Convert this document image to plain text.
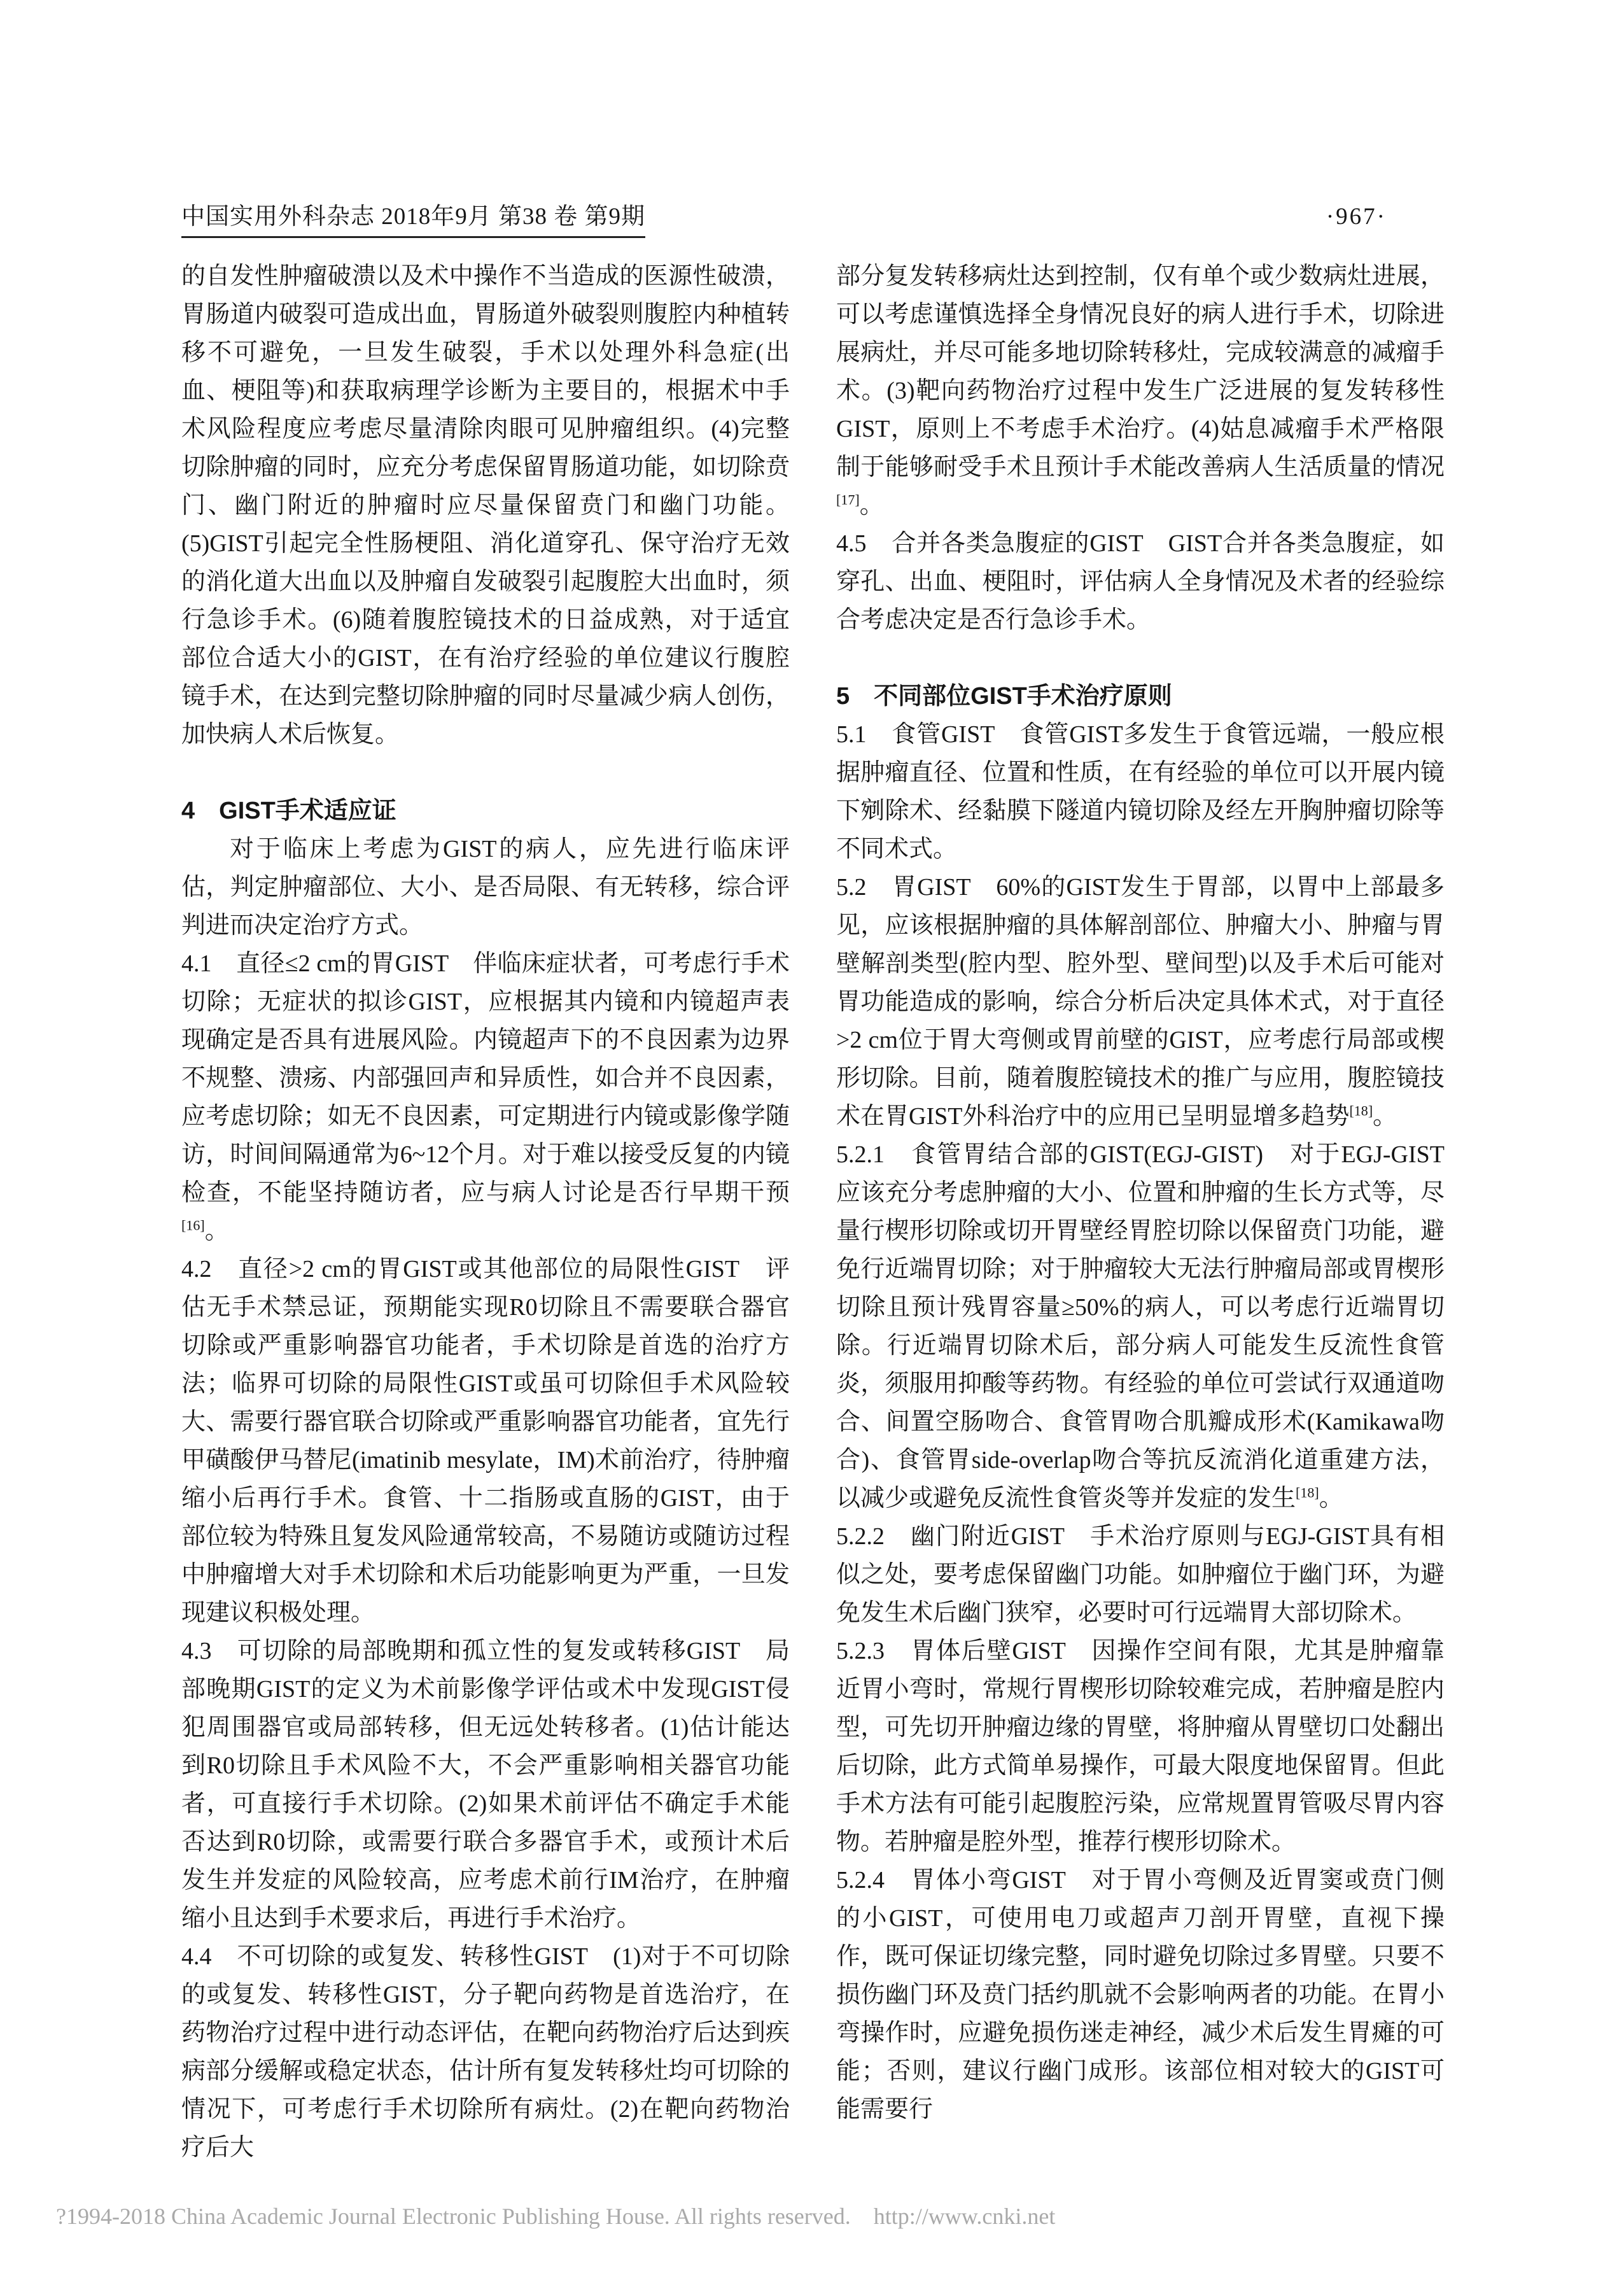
中国实用外科杂志 2018年9月 第38 卷 第9期	·967·

的自发性肿瘤破溃以及术中操作不当造成的医源性破溃，胃肠道内破裂可造成出血，胃肠道外破裂则腹腔内种植转移不可避免，一旦发生破裂，手术以处理外科急症(出血、梗阻等)和获取病理学诊断为主要目的，根据术中手术风险程度应考虑尽量清除肉眼可见肿瘤组织。(4)完整切除肿瘤的同时，应充分考虑保留胃肠道功能，如切除贲门、幽门附近的肿瘤时应尽量保留贲门和幽门功能。(5)GIST引起完全性肠梗阻、消化道穿孔、保守治疗无效的消化道大出血以及肿瘤自发破裂引起腹腔大出血时，须行急诊手术。(6)随着腹腔镜技术的日益成熟，对于适宜部位合适大小的GIST，在有治疗经验的单位建议行腹腔镜手术，在达到完整切除肿瘤的同时尽量减少病人创伤，加快病人术后恢复。

4　GIST手术适应证

对于临床上考虑为GIST的病人，应先进行临床评估，判定肿瘤部位、大小、是否局限、有无转移，综合评判进而决定治疗方式。

4.1　直径≤2 cm的胃GIST　伴临床症状者，可考虑行手术切除；无症状的拟诊GIST，应根据其内镜和内镜超声表现确定是否具有进展风险。内镜超声下的不良因素为边界不规整、溃疡、内部强回声和异质性，如合并不良因素，应考虑切除；如无不良因素，可定期进行内镜或影像学随访，时间间隔通常为6~12个月。对于难以接受反复的内镜检查，不能坚持随访者，应与病人讨论是否行早期干预[16]。

4.2　直径>2 cm的胃GIST或其他部位的局限性GIST　评估无手术禁忌证，预期能实现R0切除且不需要联合器官切除或严重影响器官功能者，手术切除是首选的治疗方法；临界可切除的局限性GIST或虽可切除但手术风险较大、需要行器官联合切除或严重影响器官功能者，宜先行甲磺酸伊马替尼(imatinib mesylate，IM)术前治疗，待肿瘤缩小后再行手术。食管、十二指肠或直肠的GIST，由于部位较为特殊且复发风险通常较高，不易随访或随访过程中肿瘤增大对手术切除和术后功能影响更为严重，一旦发现建议积极处理。

4.3　可切除的局部晚期和孤立性的复发或转移GIST　局部晚期GIST的定义为术前影像学评估或术中发现GIST侵犯周围器官或局部转移，但无远处转移者。(1)估计能达到R0切除且手术风险不大，不会严重影响相关器官功能者，可直接行手术切除。(2)如果术前评估不确定手术能否达到R0切除，或需要行联合多器官手术，或预计术后发生并发症的风险较高，应考虑术前行IM治疗，在肿瘤缩小且达到手术要求后，再进行手术治疗。

4.4　不可切除的或复发、转移性GIST　(1)对于不可切除的或复发、转移性GIST，分子靶向药物是首选治疗，在药物治疗过程中进行动态评估，在靶向药物治疗后达到疾病部分缓解或稳定状态，估计所有复发转移灶均可切除的情况下，可考虑行手术切除所有病灶。(2)在靶向药物治疗后大

部分复发转移病灶达到控制，仅有单个或少数病灶进展，可以考虑谨慎选择全身情况良好的病人进行手术，切除进展病灶，并尽可能多地切除转移灶，完成较满意的减瘤手术。(3)靶向药物治疗过程中发生广泛进展的复发转移性GIST，原则上不考虑手术治疗。(4)姑息减瘤手术严格限制于能够耐受手术且预计手术能改善病人生活质量的情况[17]。

4.5　合并各类急腹症的GIST　GIST合并各类急腹症，如穿孔、出血、梗阻时，评估病人全身情况及术者的经验综合考虑决定是否行急诊手术。

5　不同部位GIST手术治疗原则

5.1　食管GIST　食管GIST多发生于食管远端，一般应根据肿瘤直径、位置和性质，在有经验的单位可以开展内镜下剜除术、经黏膜下隧道内镜切除及经左开胸肿瘤切除等不同术式。

5.2　胃GIST　60%的GIST发生于胃部，以胃中上部最多见，应该根据肿瘤的具体解剖部位、肿瘤大小、肿瘤与胃壁解剖类型(腔内型、腔外型、壁间型)以及手术后可能对胃功能造成的影响，综合分析后决定具体术式，对于直径>2 cm位于胃大弯侧或胃前壁的GIST，应考虑行局部或楔形切除。目前，随着腹腔镜技术的推广与应用，腹腔镜技术在胃GIST外科治疗中的应用已呈明显增多趋势[18]。

5.2.1　食管胃结合部的GIST(EGJ-GIST)　对于EGJ-GIST应该充分考虑肿瘤的大小、位置和肿瘤的生长方式等，尽量行楔形切除或切开胃壁经胃腔切除以保留贲门功能，避免行近端胃切除；对于肿瘤较大无法行肿瘤局部或胃楔形切除且预计残胃容量≥50%的病人，可以考虑行近端胃切除。行近端胃切除术后，部分病人可能发生反流性食管炎，须服用抑酸等药物。有经验的单位可尝试行双通道吻合、间置空肠吻合、食管胃吻合肌瓣成形术(Kamikawa吻合)、食管胃side-overlap吻合等抗反流消化道重建方法，以减少或避免反流性食管炎等并发症的发生[18]。

5.2.2　幽门附近GIST　手术治疗原则与EGJ-GIST具有相似之处，要考虑保留幽门功能。如肿瘤位于幽门环，为避免发生术后幽门狭窄，必要时可行远端胃大部切除术。

5.2.3　胃体后壁GIST　因操作空间有限，尤其是肿瘤靠近胃小弯时，常规行胃楔形切除较难完成，若肿瘤是腔内型，可先切开肿瘤边缘的胃壁，将肿瘤从胃壁切口处翻出后切除，此方式简单易操作，可最大限度地保留胃。但此手术方法有可能引起腹腔污染，应常规置胃管吸尽胃内容物。若肿瘤是腔外型，推荐行楔形切除术。

5.2.4　胃体小弯GIST　对于胃小弯侧及近胃窦或贲门侧的小GIST，可使用电刀或超声刀剖开胃壁，直视下操作，既可保证切缘完整，同时避免切除过多胃壁。只要不损伤幽门环及贲门括约肌就不会影响两者的功能。在胃小弯操作时，应避免损伤迷走神经，减少术后发生胃瘫的可能；否则，建议行幽门成形。该部位相对较大的GIST可能需要行

?1994-2018 China Academic Journal Electronic Publishing House. All rights reserved.    http://www.cnki.net
